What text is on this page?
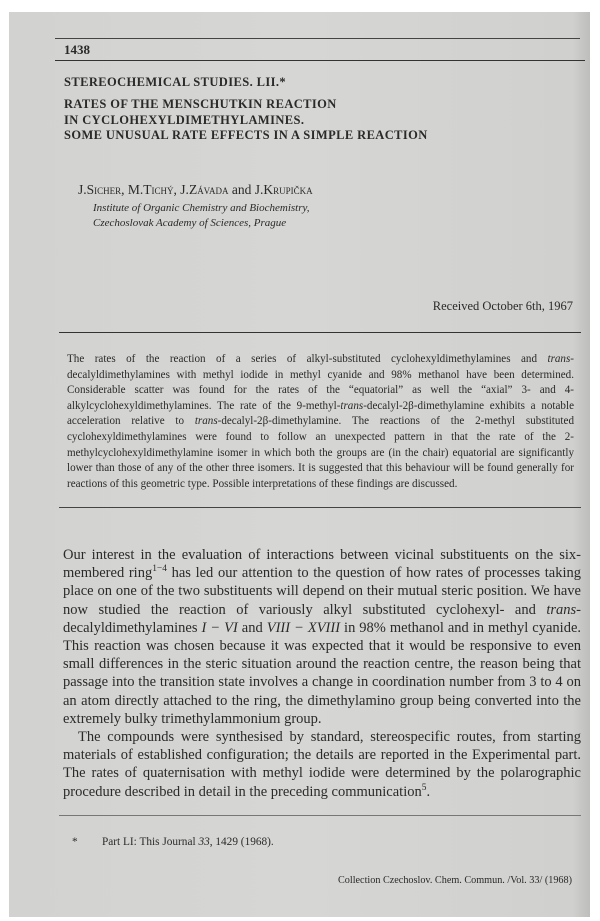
1438
STEREOCHEMICAL STUDIES. LII.*
RATES OF THE MENSCHUTKIN REACTION
IN CYCLOHEXYLDIMETHYLAMINES.
SOME UNUSUAL RATE EFFECTS IN A SIMPLE REACTION
J.Sicher, M.Tichý, J.Závada and J.Krupička
Institute of Organic Chemistry and Biochemistry,
Czechoslovak Academy of Sciences, Prague
Received October 6th, 1967
The rates of the reaction of a series of alkyl-substituted cyclohexyldimethylamines and trans-decalyldimethylamines with methyl iodide in methyl cyanide and 98% methanol have been determined. Considerable scatter was found for the rates of the “equatorial” as well the “axial” 3- and 4-alkylcyclohexyldimethylamines. The rate of the 9-methyl-trans-decalyl-2β-dimethylamine exhibits a notable acceleration relative to trans-decalyl-2β-dimethylamine. The reactions of the 2-methyl substituted cyclohexyldimethylamines were found to follow an unexpected pattern in that the rate of the 2-methylcyclohexyldimethylamine isomer in which both the groups are (in the chair) equatorial are significantly lower than those of any of the other three isomers. It is suggested that this behaviour will be found generally for reactions of this geometric type. Possible interpretations of these findings are discussed.

Our interest in the evaluation of interactions between vicinal substituents on the six-membered ring$^{1-4}$ has led our attention to the question of how rates of processes taking place on one of the two substituents will depend on their mutual steric position. We have now studied the reaction of variously alkyl substituted cyclohexyl- and trans-decalyldimethylamines I − VI and VIII − XVIII in 98% methanol and in methyl cyanide. This reaction was chosen because it was expected that it would be responsive to even small differences in the steric situation around the reaction centre, the reason being that passage into the transition state involves a change in coordination number from 3 to 4 on an atom directly attached to the ring, the dimethylamino group being converted into the extremely bulky trimethylammonium group.

The compounds were synthesised by standard, stereospecific routes, from starting materials of established configuration; the details are reported in the Experimental part. The rates of quaternisation with methyl iodide were determined by the polarographic procedure described in detail in the preceding communication$^5$.

* Part LI: This Journal 33, 1429 (1968).
Collection Czechoslov. Chem. Commun. /Vol. 33/ (1968)
